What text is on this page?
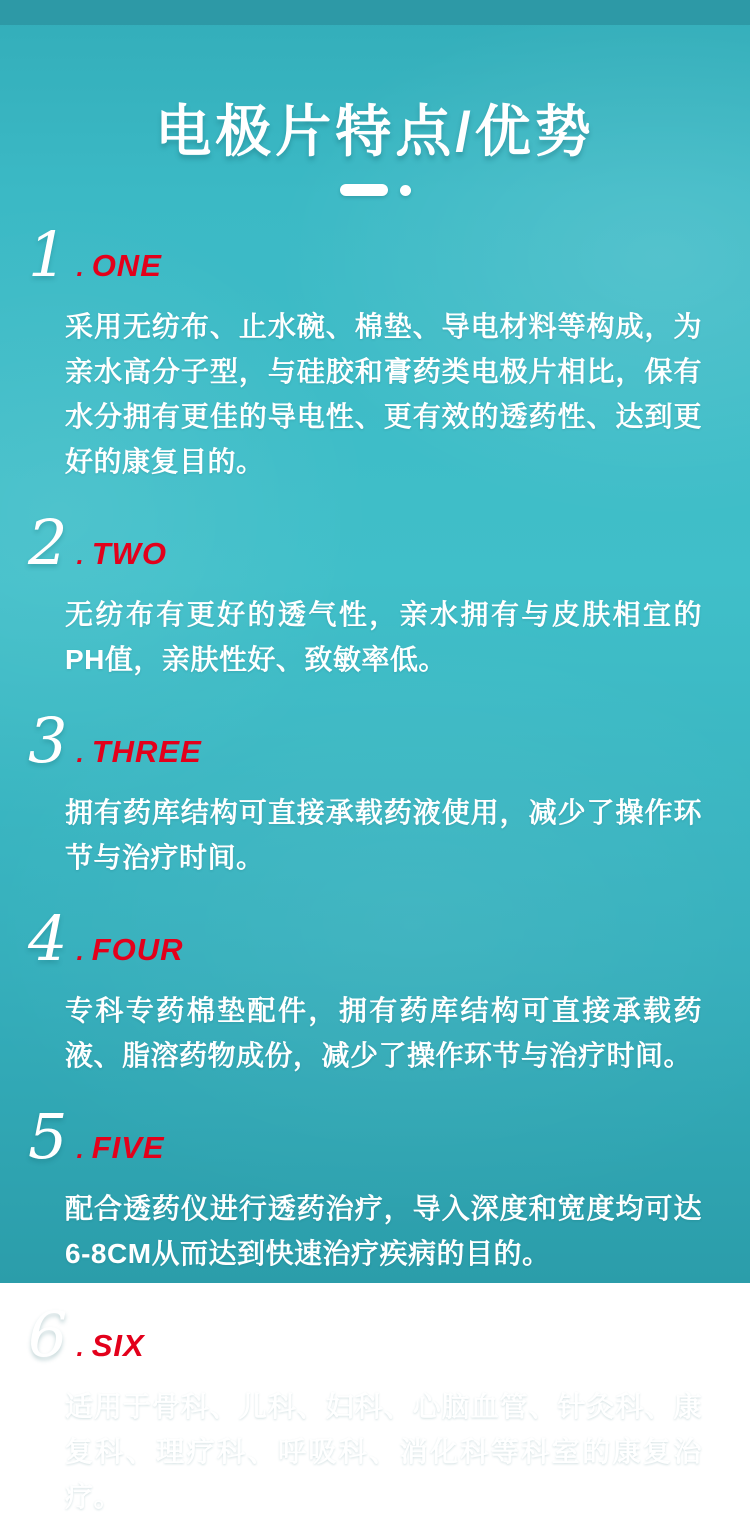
电极片特点/优势
1 . ONE

采用无纺布、止水碗、棉垫、导电材料等构成，为亲水高分子型，与硅胶和膏药类电极片相比，保有水分拥有更佳的导电性、更有效的透药性、达到更好的康复目的。

2 . TWO

无纺布有更好的透气性，亲水拥有与皮肤相宜的PH值，亲肤性好、致敏率低。

3 . THREE

拥有药库结构可直接承载药液使用，减少了操作环节与治疗时间。

4 . FOUR

专科专药棉垫配件，拥有药库结构可直接承载药液、脂溶药物成份，减少了操作环节与治疗时间。

5 . FIVE

配合透药仪进行透药治疗，导入深度和宽度均可达6-8CM从而达到快速治疗疾病的目的。

6 . SIX

适用于骨科、儿科、妇科、心脑血管、针灸科、康复科、理疗科、呼吸科、消化科等科室的康复治疗。
